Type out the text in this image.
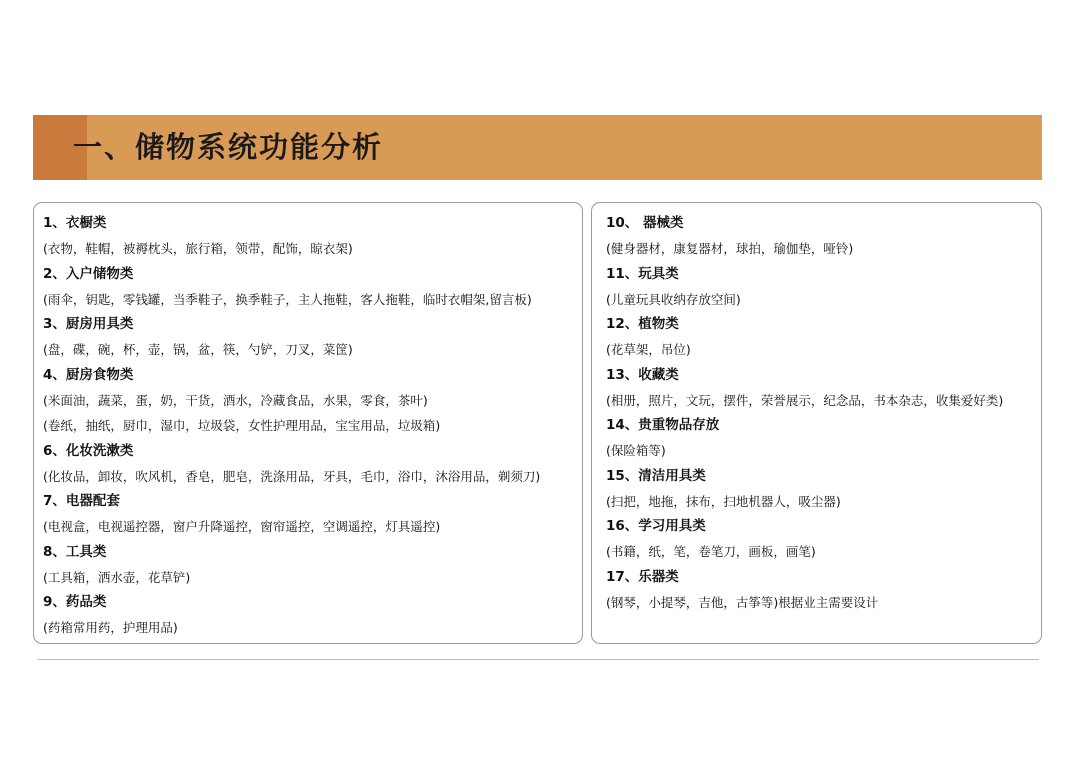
一、储物系统功能分析
1、衣橱类
(衣物，鞋帽，被褥枕头，旅行箱，领带，配饰，晾衣架)
2、入户储物类
(雨伞，钥匙，零钱罐，当季鞋子，换季鞋子，主人拖鞋，客人拖鞋，临时衣帽架,留言板)
3、厨房用具类
(盘，碟，碗，杯，壶，锅，盆，筷，勺铲，刀叉，菜筐)
4、厨房食物类
(米面油，蔬菜，蛋，奶，干货，酒水，冷藏食品，水果，零食，茶叶)
(卷纸，抽纸，厨巾，湿巾，垃圾袋，女性护理用品，宝宝用品，垃圾箱)
6、化妆洗漱类
(化妆品，卸妆，吹风机，香皂，肥皂，洗涤用品，牙具，毛巾，浴巾，沐浴用品，剃须刀)
7、电器配套
(电视盒，电视遥控器，窗户升降遥控，窗帘遥控，空调遥控，灯具遥控)
8、工具类
(工具箱，洒水壶，花草铲)
9、药品类
(药箱常用药，护理用品)
10、 器械类
(健身器材，康复器材，球拍，瑜伽垫，哑铃)
11、玩具类
(儿童玩具收纳存放空间)
12、植物类
(花草架，吊位)
13、收藏类
(相册，照片，文玩，摆件，荣誉展示，纪念品，书本杂志，收集爱好类)
14、贵重物品存放
(保险箱等)
15、清洁用具类
(扫把，地拖，抹布，扫地机器人，吸尘器)
16、学习用具类
(书籍，纸，笔，卷笔刀，画板，画笔)
17、乐器类
(钢琴，小提琴，吉他，古筝等)根据业主需要设计
